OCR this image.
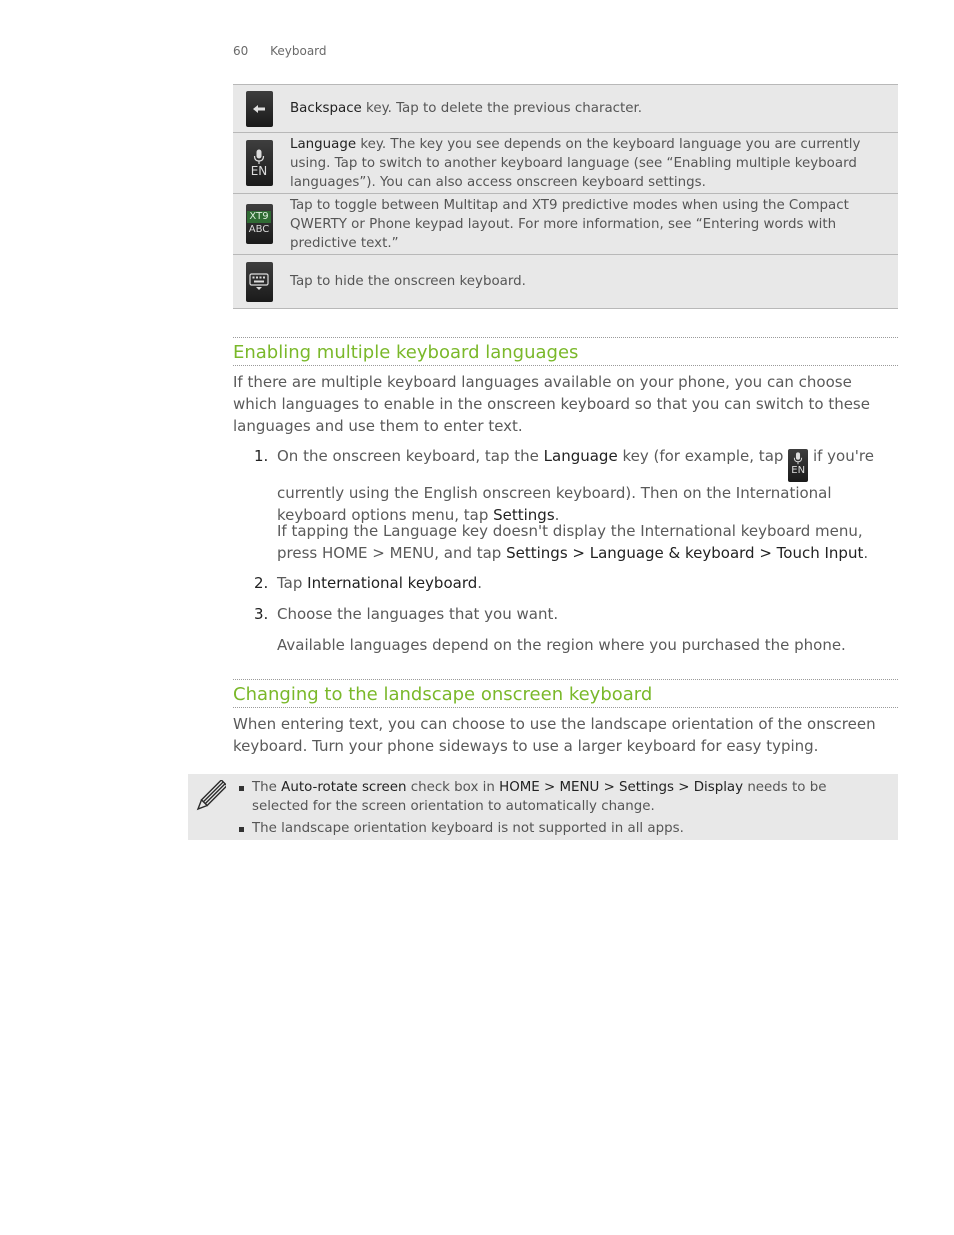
60 Keyboard
Backspace key. Tap to delete the previous character.
EN
Language key. The key you see depends on the keyboard language you are currently using. Tap to switch to another keyboard language (see “Enabling multiple keyboard languages”). You can also access onscreen keyboard settings.
XT9
ABC
Tap to toggle between Multitap and XT9 predictive modes when using the Compact QWERTY or Phone keypad layout. For more information, see “Entering words with predictive text.”
Tap to hide the onscreen keyboard.
Enabling multiple keyboard languages
If there are multiple keyboard languages available on your phone, you can choose which languages to enable in the onscreen keyboard so that you can switch to these languages and use them to enter text.
1. On the onscreen keyboard, tap the Language key (for example, tap
EN
if you're currently using the English onscreen keyboard). Then on the International keyboard options menu, tap Settings.
If tapping the Language key doesn't display the International keyboard menu, press HOME > MENU, and tap Settings > Language & keyboard > Touch Input.
2. Tap International keyboard.
3. Choose the languages that you want.
Available languages depend on the region where you purchased the phone.
Changing to the landscape onscreen keyboard
When entering text, you can choose to use the landscape orientation of the onscreen keyboard. Turn your phone sideways to use a larger keyboard for easy typing.
The Auto-rotate screen check box in HOME > MENU > Settings > Display needs to be selected for the screen orientation to automatically change.
The landscape orientation keyboard is not supported in all apps.
